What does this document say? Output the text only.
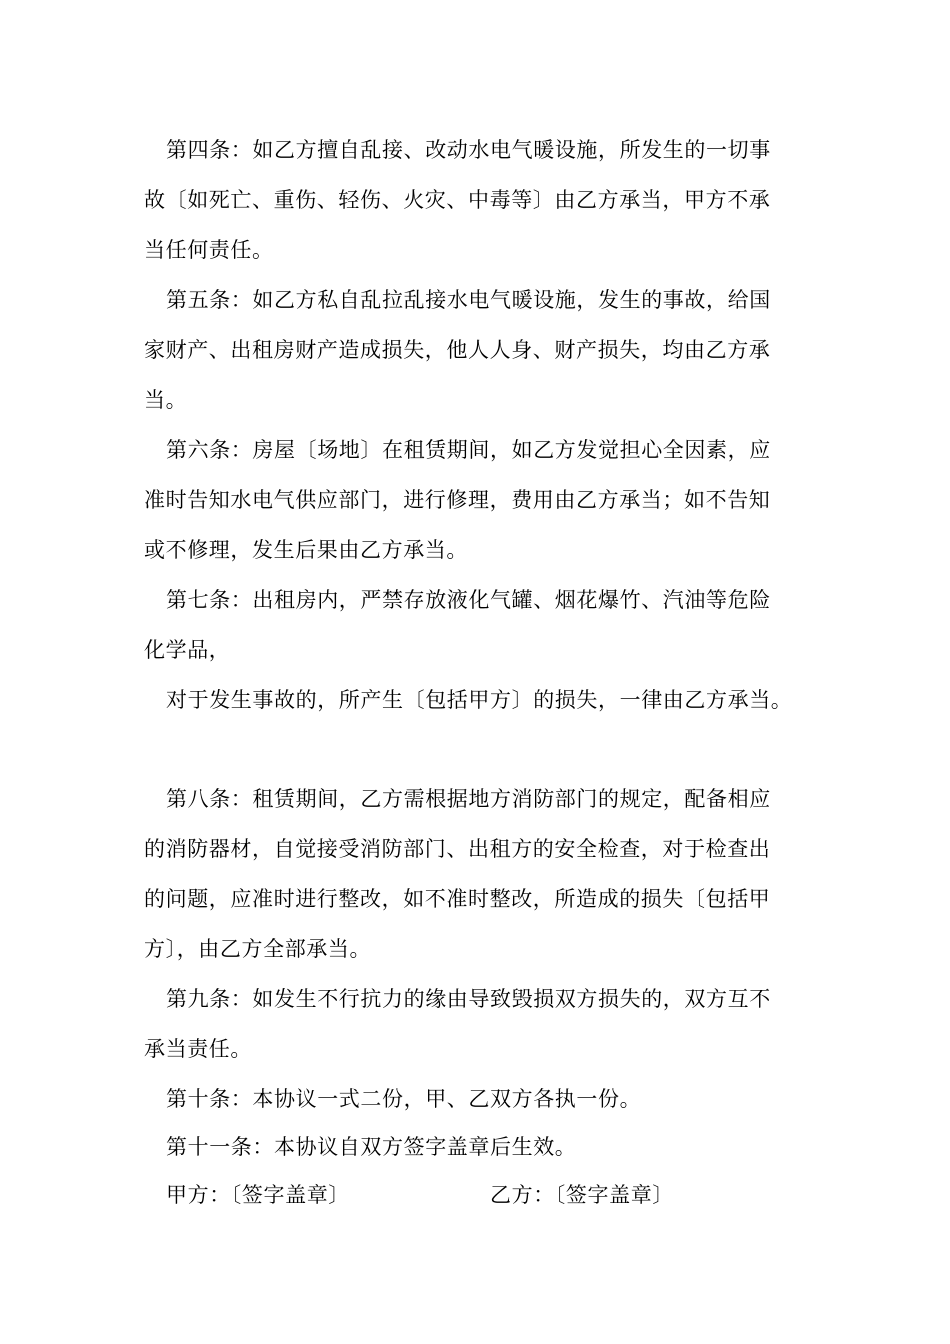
第四条：如乙方擅自乱接、改动水电气暖设施，所发生的一切事
故〔如死亡、重伤、轻伤、火灾、中毒等〕由乙方承当，甲方不承
当任何责任。
第五条：如乙方私自乱拉乱接水电气暖设施，发生的事故，给国
家财产、出租房财产造成损失，他人人身、财产损失，均由乙方承
当。
第六条：房屋〔场地〕在租赁期间，如乙方发觉担心全因素，应
准时告知水电气供应部门，进行修理，费用由乙方承当；如不告知
或不修理，发生后果由乙方承当。
第七条：出租房内，严禁存放液化气罐、烟花爆竹、汽油等危险
化学品，
对于发生事故的，所产生〔包括甲方〕的损失，一律由乙方承当。
第八条：租赁期间，乙方需根据地方消防部门的规定，配备相应
的消防器材，自觉接受消防部门、出租方的安全检查，对于检查出
的问题，应准时进行整改，如不准时整改，所造成的损失〔包括甲
方〕，由乙方全部承当。
第九条：如发生不行抗力的缘由导致毁损双方损失的，双方互不
承当责任。
第十条：本协议一式二份，甲、乙双方各执一份。
第十一条：本协议自双方签字盖章后生效。
甲方：〔签字盖章〕	乙方：〔签字盖章〕
